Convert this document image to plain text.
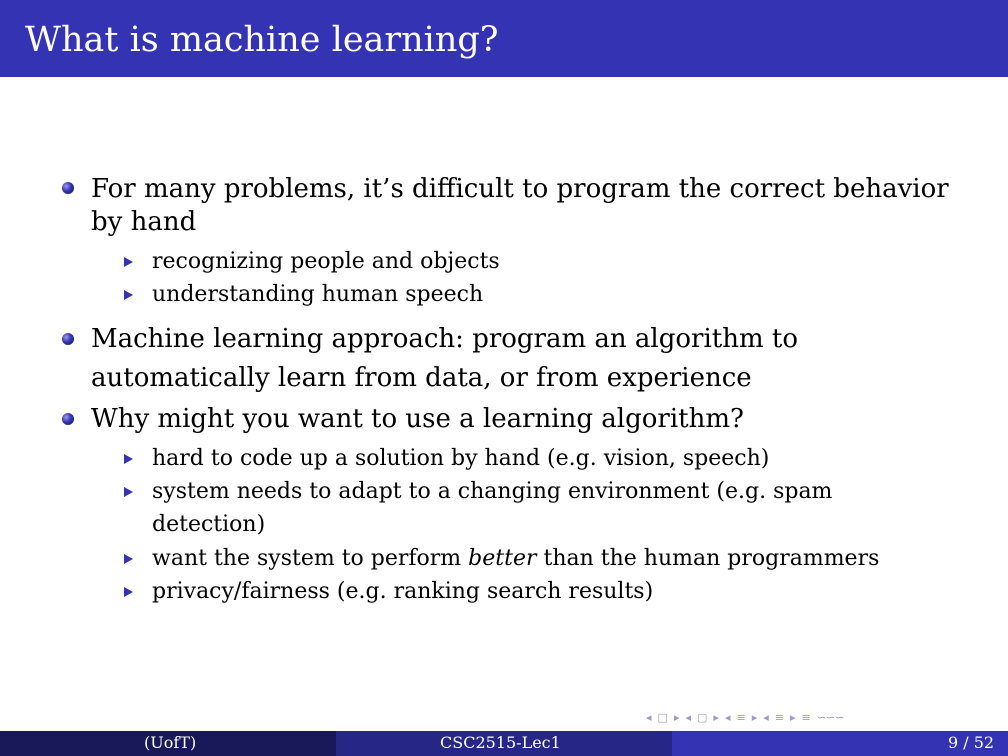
What is machine learning?
For many problems, it’s difficult to program the correct behavior
by hand
recognizing people and objects
understanding human speech
Machine learning approach: program an algorithm to
automatically learn from data, or from experience
Why might you want to use a learning algorithm?
hard to code up a solution by hand (e.g. vision, speech)
system needs to adapt to a changing environment (e.g. spam
detection)
want the system to perform better than the human programmers
privacy/fairness (e.g. ranking search results)
◂ □ ▸ ◂ ▢ ▸ ◂ ≡ ▸ ◂ ≡ ▸ ≡ ∽∽∽
(UofT)	CSC2515-Lec1	9 / 52
